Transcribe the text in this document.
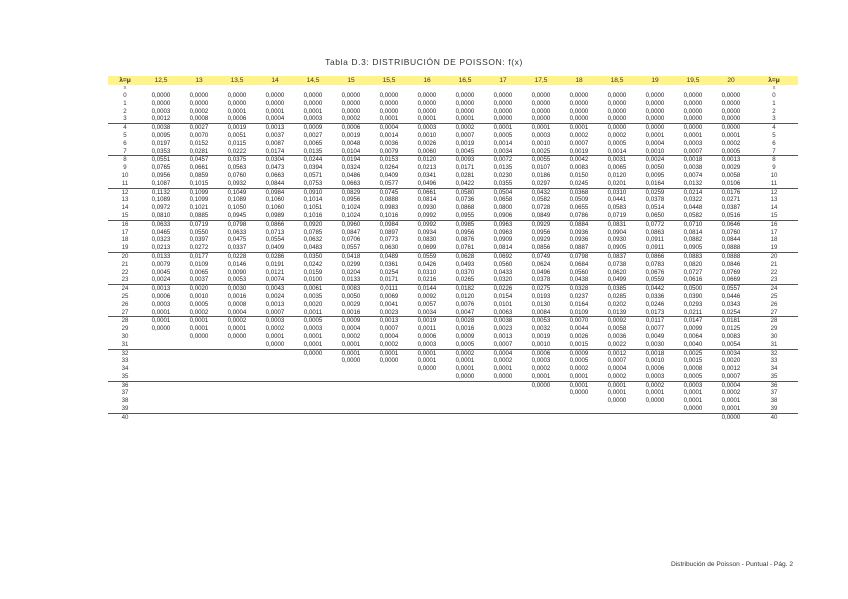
Tabla D.3: DISTRIBUCIÓN DE POISSON: f(x)
λ=μ	12,5	13	13,5	14	14,5	15	15,5	16	16,5	17	17,5	18	18,5	19	19,5	20	λ=μ
x																	x
0	0,0000	0,0000	0,0000	0,0000	0,0000	0,0000	0,0000	0,0000	0,0000	0,0000	0,0000	0,0000	0,0000	0,0000	0,0000	0,0000	0
1	0,0000	0,0000	0,0000	0,0000	0,0000	0,0000	0,0000	0,0000	0,0000	0,0000	0,0000	0,0000	0,0000	0,0000	0,0000	0,0000	1
2	0,0003	0,0002	0,0001	0,0001	0,0001	0,0000	0,0000	0,0000	0,0000	0,0000	0,0000	0,0000	0,0000	0,0000	0,0000	0,0000	2
3	0,0012	0,0008	0,0006	0,0004	0,0003	0,0002	0,0001	0,0001	0,0001	0,0000	0,0000	0,0000	0,0000	0,0000	0,0000	0,0000	3
4	0,0038	0,0027	0,0019	0,0013	0,0009	0,0006	0,0004	0,0003	0,0002	0,0001	0,0001	0,0001	0,0000	0,0000	0,0000	0,0000	4
5	0,0095	0,0070	0,0051	0,0037	0,0027	0,0019	0,0014	0,0010	0,0007	0,0005	0,0003	0,0002	0,0002	0,0001	0,0001	0,0001	5
6	0,0197	0,0152	0,0115	0,0087	0,0065	0,0048	0,0036	0,0026	0,0019	0,0014	0,0010	0,0007	0,0005	0,0004	0,0003	0,0002	6
7	0,0353	0,0281	0,0222	0,0174	0,0135	0,0104	0,0079	0,0060	0,0045	0,0034	0,0025	0,0019	0,0014	0,0010	0,0007	0,0005	7
8	0,0551	0,0457	0,0375	0,0304	0,0244	0,0194	0,0153	0,0120	0,0093	0,0072	0,0055	0,0042	0,0031	0,0024	0,0018	0,0013	8
9	0,0765	0,0661	0,0563	0,0473	0,0394	0,0324	0,0264	0,0213	0,0171	0,0135	0,0107	0,0083	0,0065	0,0050	0,0038	0,0029	9
10	0,0956	0,0859	0,0760	0,0663	0,0571	0,0486	0,0409	0,0341	0,0281	0,0230	0,0186	0,0150	0,0120	0,0095	0,0074	0,0058	10
11	0,1087	0,1015	0,0932	0,0844	0,0753	0,0663	0,0577	0,0496	0,0422	0,0355	0,0297	0,0245	0,0201	0,0164	0,0132	0,0106	11
12	0,1132	0,1099	0,1049	0,0984	0,0910	0,0829	0,0745	0,0661	0,0580	0,0504	0,0432	0,0368	0,0310	0,0259	0,0214	0,0176	12
13	0,1089	0,1099	0,1089	0,1060	0,1014	0,0956	0,0888	0,0814	0,0736	0,0658	0,0582	0,0509	0,0441	0,0378	0,0322	0,0271	13
14	0,0972	0,1021	0,1050	0,1060	0,1051	0,1024	0,0983	0,0930	0,0868	0,0800	0,0728	0,0655	0,0583	0,0514	0,0448	0,0387	14
15	0,0810	0,0885	0,0945	0,0989	0,1016	0,1024	0,1016	0,0992	0,0955	0,0906	0,0849	0,0786	0,0719	0,0650	0,0582	0,0516	15
16	0,0633	0,0719	0,0798	0,0866	0,0920	0,0960	0,0984	0,0992	0,0985	0,0963	0,0929	0,0884	0,0831	0,0772	0,0710	0,0646	16
17	0,0465	0,0550	0,0633	0,0713	0,0785	0,0847	0,0897	0,0934	0,0956	0,0963	0,0956	0,0936	0,0904	0,0863	0,0814	0,0760	17
18	0,0323	0,0397	0,0475	0,0554	0,0632	0,0706	0,0773	0,0830	0,0876	0,0909	0,0929	0,0936	0,0930	0,0911	0,0882	0,0844	18
19	0,0213	0,0272	0,0337	0,0409	0,0483	0,0557	0,0630	0,0699	0,0761	0,0814	0,0856	0,0887	0,0905	0,0911	0,0905	0,0888	19
20	0,0133	0,0177	0,0228	0,0286	0,0350	0,0418	0,0489	0,0559	0,0628	0,0692	0,0749	0,0798	0,0837	0,0866	0,0883	0,0888	20
21	0,0079	0,0109	0,0146	0,0191	0,0242	0,0299	0,0361	0,0426	0,0493	0,0560	0,0624	0,0684	0,0738	0,0783	0,0820	0,0846	21
22	0,0045	0,0065	0,0090	0,0121	0,0159	0,0204	0,0254	0,0310	0,0370	0,0433	0,0496	0,0560	0,0620	0,0676	0,0727	0,0769	22
23	0,0024	0,0037	0,0053	0,0074	0,0100	0,0133	0,0171	0,0216	0,0265	0,0320	0,0378	0,0438	0,0499	0,0559	0,0616	0,0669	23
24	0,0013	0,0020	0,0030	0,0043	0,0061	0,0083	0,0111	0,0144	0,0182	0,0226	0,0275	0,0328	0,0385	0,0442	0,0500	0,0557	24
25	0,0006	0,0010	0,0016	0,0024	0,0035	0,0050	0,0069	0,0092	0,0120	0,0154	0,0193	0,0237	0,0285	0,0336	0,0390	0,0446	25
26	0,0003	0,0005	0,0008	0,0013	0,0020	0,0029	0,0041	0,0057	0,0076	0,0101	0,0130	0,0164	0,0202	0,0246	0,0293	0,0343	26
27	0,0001	0,0002	0,0004	0,0007	0,0011	0,0016	0,0023	0,0034	0,0047	0,0063	0,0084	0,0109	0,0139	0,0173	0,0211	0,0254	27
28	0,0001	0,0001	0,0002	0,0003	0,0005	0,0009	0,0013	0,0019	0,0028	0,0038	0,0053	0,0070	0,0092	0,0117	0,0147	0,0181	28
29	0,0000	0,0001	0,0001	0,0002	0,0003	0,0004	0,0007	0,0011	0,0016	0,0023	0,0032	0,0044	0,0058	0,0077	0,0099	0,0125	29
30		0,0000	0,0000	0,0001	0,0001	0,0002	0,0004	0,0006	0,0009	0,0013	0,0019	0,0026	0,0036	0,0049	0,0064	0,0083	30
31				0,0000	0,0001	0,0001	0,0002	0,0003	0,0005	0,0007	0,0010	0,0015	0,0022	0,0030	0,0040	0,0054	31
32					0,0000	0,0001	0,0001	0,0001	0,0002	0,0004	0,0006	0,0009	0,0012	0,0018	0,0025	0,0034	32
33						0,0000	0,0000	0,0001	0,0001	0,0002	0,0003	0,0005	0,0007	0,0010	0,0015	0,0020	33
34								0,0000	0,0001	0,0001	0,0002	0,0002	0,0004	0,0006	0,0008	0,0012	34
35									0,0000	0,0000	0,0001	0,0001	0,0002	0,0003	0,0005	0,0007	35
36											0,0000	0,0001	0,0001	0,0002	0,0003	0,0004	36
37												0,0000	0,0001	0,0001	0,0001	0,0002	37
38													0,0000	0,0000	0,0001	0,0001	38
39															0,0000	0,0001	39
40																0,0000	40
Distribución de Poisson - Puntual - Pág. 2
